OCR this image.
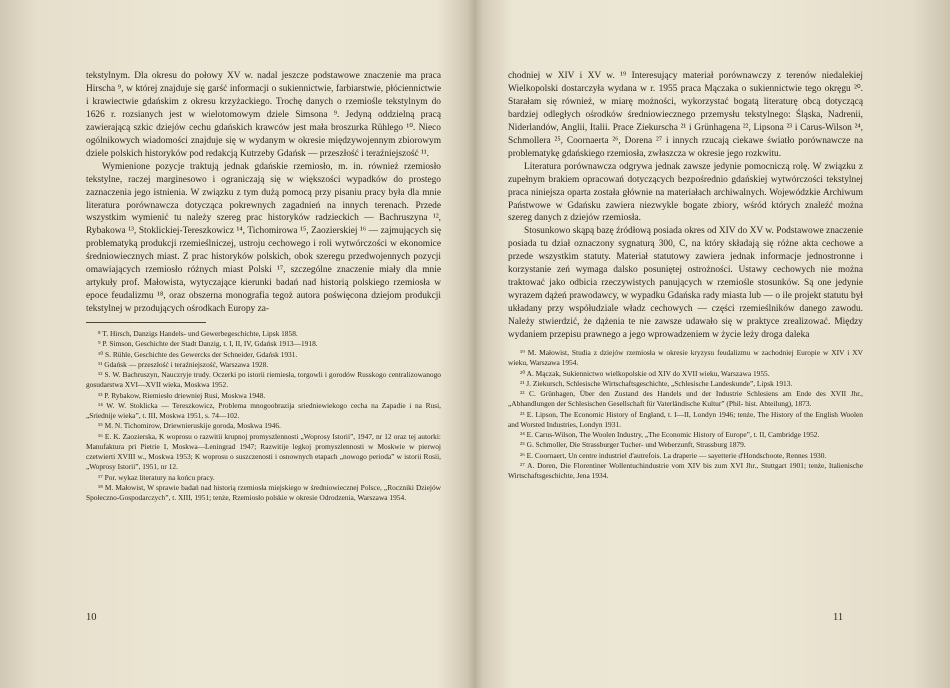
tekstylnym. Dla okresu do połowy XV w. nadal jeszcze podstawowe znaczenie ma praca Hirscha ⁹, w której znajduje się garść informacji o sukiennictwie, farbiarstwie, płóciennictwie i krawiectwie gdańskim z okresu krzyżackiego. Trochę danych o rzemiośle tekstylnym do 1626 r. rozsianych jest w wielotomowym dziele Simsona ⁹. Jedyną oddzielną pracą zawierającą szkic dziejów cechu gdańskich krawców jest mała broszurka Rühlego ¹⁰. Nieco ogólnikowych wiadomości znajduje się w wydanym w okresie międzywojennym zbiorowym dziele polskich historyków pod redakcją Kutrzeby Gdańsk — przeszłość i teraźniejszość ¹¹.

Wymienione pozycje traktują jednak gdańskie rzemiosło, m. in. również rzemiosło tekstylne, raczej marginesowo i ograniczają się w większości wypadków do prostego zaznaczenia jego istnienia. W związku z tym dużą pomocą przy pisaniu pracy była dla mnie literatura porównawcza dotycząca pokrewnych zagadnień na innych terenach. Przede wszystkim wymienić tu należy szereg prac historyków radzieckich — Bachruszyna ¹², Rybakowa ¹³, Stoklickiej-Tereszkowicz ¹⁴, Tichomirowa ¹⁵, Zaozierskiej ¹⁶ — zajmujących się problematyką produkcji rzemieślniczej, ustroju cechowego i roli wytwórczości w ekonomice średniowiecznych miast. Z prac historyków polskich, obok szeregu przedwojennych pozycji omawiających rzemiosło różnych miast Polski ¹⁷, szczególne znaczenie miały dla mnie artykuły prof. Małowista, wytyczające kierunki badań nad historią polskiego rzemiosła w epoce feudalizmu ¹⁸, oraz obszerna monografia tegoż autora poświęcona dziejom produkcji tekstylnej w przodujących ośrodkach Europy za-

⁸ T. Hirsch, Danzigs Handels- und Gewerbegeschichte, Lipsk 1858.
⁹ P. Simson, Geschichte der Stadt Danzig, t. I, II, IV, Gdańsk 1913—1918.
¹⁰ S. Rühle, Geschichte des Gewercks der Schneider, Gdańsk 1931.
¹¹ Gdańsk — przeszłość i teraźniejszość, Warszawa 1928.
¹² S. W. Bachruszyn, Nauczryje trudy. Oczerki po istorii riemiesła, torgowli i gorodów Russkogo centralizowanogo gosudarstwa XVI—XVII wieka, Moskwa 1952.
¹³ P. Rybakow, Riemiesło driewniej Rusi, Moskwa 1948.
¹⁴ W. W. Stoklicka — Tereszkowicz, Problema mnogoobrazija sriedniewiekogo cecha na Zapadie i na Rusi, „Sriednije wieka”, t. III, Moskwa 1951, s. 74—102.
¹⁵ M. N. Tichomirow, Driewnieruskije goroda, Moskwa 1946.
¹⁶ E. K. Zaozierska, K woprosu o razwitii krupnoj promyszlennosti „Woprosy Istorii”, 1947, nr 12 oraz tej autorki: Manufaktura pri Pietrie I, Moskwa—Leningrad 1947; Razwitije legkoj promyszlennosti w Moskwie w pierwoj czetwierti XVIII w., Moskwa 1953; K woprosu o suszczenosti i osnownych etapach „nowogo perioda” w istorii Rosii, „Woprosy Istorii”, 1951, nr 12.
¹⁷ Por. wykaz literatury na końcu pracy.
¹⁸ M. Małowist, W sprawie badań nad historią rzemiosła miejskiego w średniowiecznej Polsce, „Roczniki Dziejów Społeczno-Gospodarczych”, t. XIII, 1951; tenże, Rzemiosło polskie w okresie Odrodzenia, Warszawa 1954.
10

chodniej w XIV i XV w. ¹⁹ Interesujący materiał porównawczy z terenów niedalekiej Wielkopolski dostarczyła wydana w r. 1955 praca Mączaka o sukiennictwie tego okręgu ²⁰. Starałam się również, w miarę możności, wykorzystać bogatą literaturę obcą dotyczącą bardziej odległych ośrodków średniowiecznego przemysłu tekstylnego: Śląska, Nadrenii, Niderlandów, Anglii, Italii. Prace Ziekurscha ²¹ i Grünhagena ²², Lipsona ²³ i Carus-Wilson ²⁴, Schmollera ²⁵, Coornaerta ²⁶, Dorena ²⁷ i innych rzucają ciekawe światło porównawcze na problematykę gdańskiego rzemiosła, zwłaszcza w okresie jego rozkwitu.

Literatura porównawcza odgrywa jednak zawsze jedynie pomocniczą rolę. W związku z zupełnym brakiem opracowań dotyczących bezpośrednio gdańskiej wytwórczości tekstylnej praca niniejsza oparta została głównie na materiałach archiwalnych. Wojewódzkie Archiwum Państwowe w Gdańsku zawiera niezwykle bogate zbiory, wśród których znaleźć można szereg danych z dziejów rzemiosła.

Stosunkowo skąpą bazę źródłową posiada okres od XIV do XV w. Podstawowe znaczenie posiada tu dział oznaczony sygnaturą 300, C, na który składają się różne akta cechowe a przede wszystkim statuty. Materiał statutowy zawiera jednak informacje jednostronne i korzystanie zeń wymaga dalsko posuniętej ostrożności. Ustawy cechowych nie można traktować jako odbicia rzeczywistych panujących w rzemiośle stosunków. Są one jedynie wyrazem dążeń prawodawcy, w wypadku Gdańska rady miasta lub — o ile projekt statutu był układany przy współudziale władz cechowych — części rzemieślników danego zawodu. Należy stwierdzić, że dążenia te nie zawsze udawało się w praktyce zrealizować. Między wydaniem przepisu prawnego a jego wprowadzeniem w życie leży droga daleka

¹⁹ M. Małowist, Studia z dziejów rzemiosła w okresie kryzysu feudalizmu w zachodniej Europie w XIV i XV wieku, Warszawa 1954.
²⁰ A. Mączak, Sukiennictwo wielkopolskie od XIV do XVII wieku, Warszawa 1955.
²¹ J. Ziekursch, Schlesische Wirtschaftsgeschichte, „Schlesische Landeskunde”, Lipsk 1913.
²² C. Grünhagen, Über den Zustand des Handels und der Industrie Schlesiens am Ende des XVII Jhr., „Abhandlungen der Schlesischen Gesellschaft für Vaterländische Kultur” (Phil- hist. Abteilung), 1873.
²³ E. Lipson, The Economic History of England, t. I—II, Londyn 1946; tenże, The History of the English Woolen and Worsted Industries, Londyn 1931.
²⁴ E. Carus-Wilson, The Woolen Industry, „The Economic History of Europe”, t. II, Cambridge 1952.
²⁵ G. Schmoller, Die Strassburger Tucher- und Weberzunft, Strassburg 1879.
²⁶ E. Coornaert, Un centre industriel d'autrefois. La draperie — sayetterie d'Hondschoote, Rennes 1930.
²⁷ A. Doren, Die Florentiner Wollentuchindustrie vom XIV bis zum XVI Jhr., Stuttgart 1901; tenże, Italienische Wirtschaftsgeschichte, Jena 1934.
11
